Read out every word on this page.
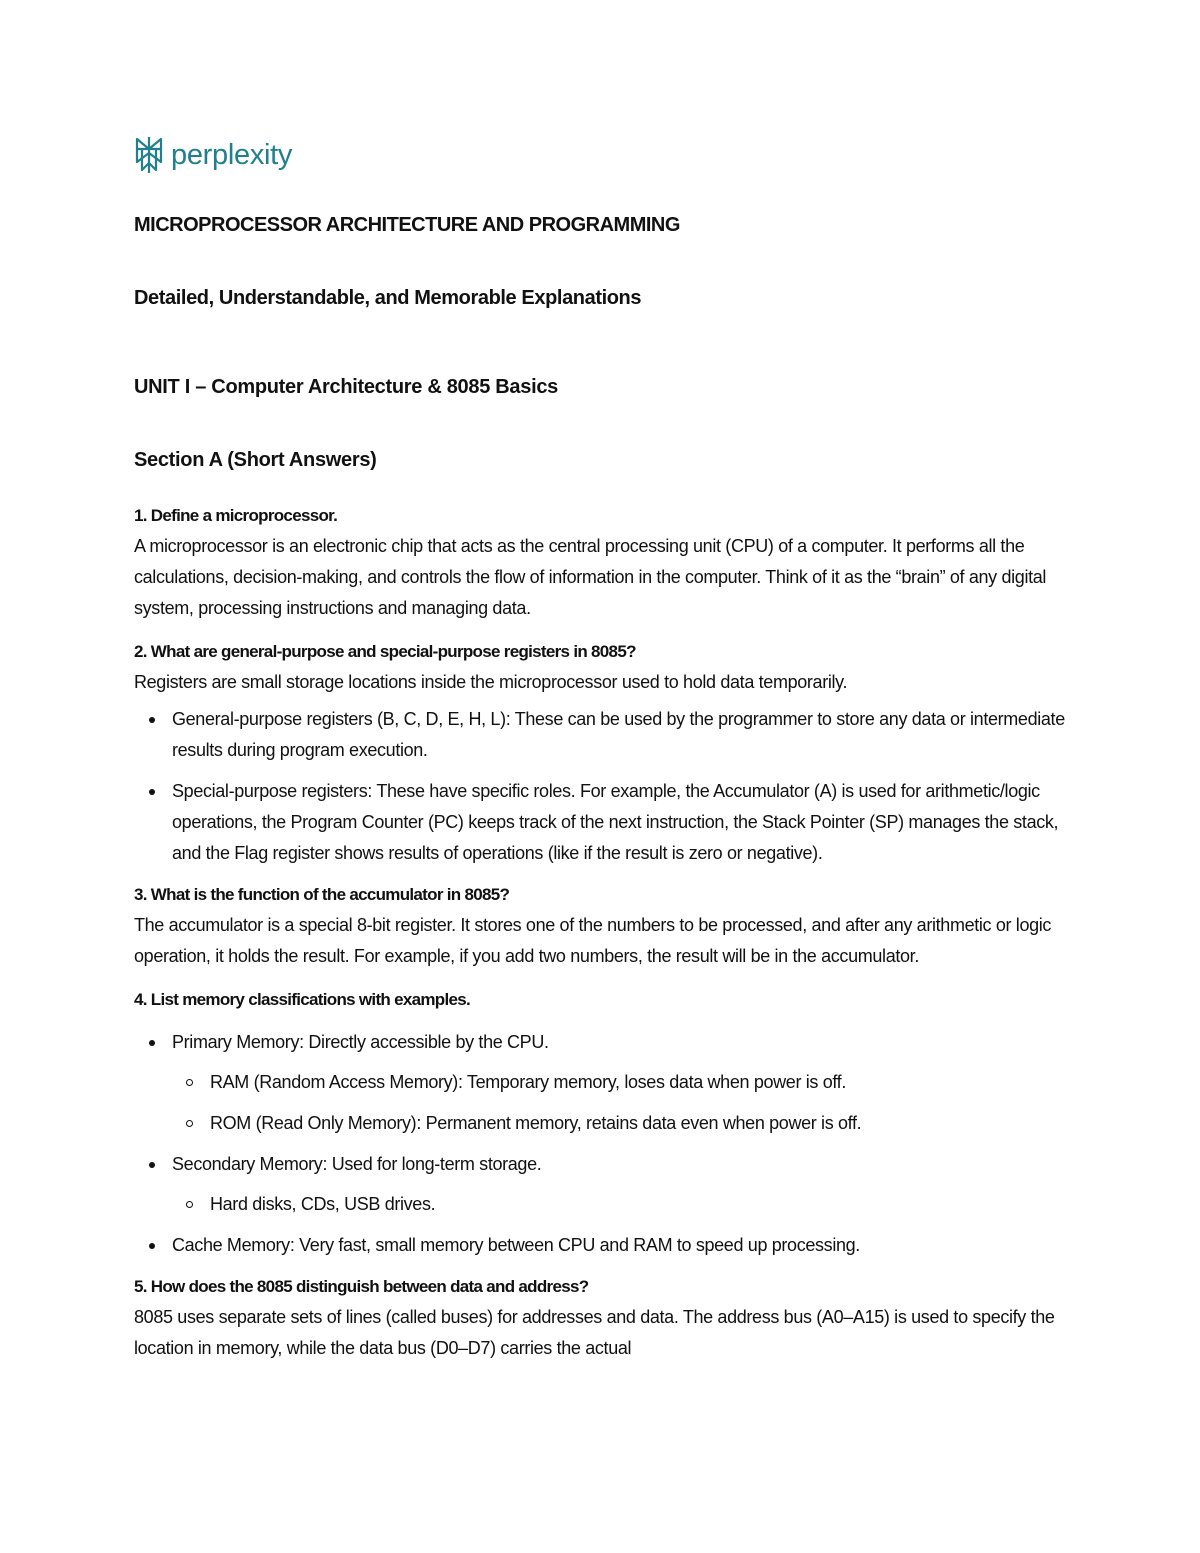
perplexity
MICROPROCESSOR ARCHITECTURE AND PROGRAMMING
Detailed, Understandable, and Memorable Explanations
UNIT I – Computer Architecture & 8085 Basics
Section A (Short Answers)

1. Define a microprocessor.

A microprocessor is an electronic chip that acts as the central processing unit (CPU) of a computer. It performs all the calculations, decision-making, and controls the flow of information in the computer. Think of it as the “brain” of any digital system, processing instructions and managing data.

2. What are general-purpose and special-purpose registers in 8085?

Registers are small storage locations inside the microprocessor used to hold data temporarily.

General-purpose registers (B, C, D, E, H, L): These can be used by the programmer to store any data or intermediate results during program execution.
Special-purpose registers: These have specific roles. For example, the Accumulator (A) is used for arithmetic/logic operations, the Program Counter (PC) keeps track of the next instruction, the Stack Pointer (SP) manages the stack, and the Flag register shows results of operations (like if the result is zero or negative).

3. What is the function of the accumulator in 8085?

The accumulator is a special 8-bit register. It stores one of the numbers to be processed, and after any arithmetic or logic operation, it holds the result. For example, if you add two numbers, the result will be in the accumulator.

4. List memory classifications with examples.

Primary Memory: Directly accessible by the CPU.
RAM (Random Access Memory): Temporary memory, loses data when power is off.
ROM (Read Only Memory): Permanent memory, retains data even when power is off.
Secondary Memory: Used for long-term storage.
Hard disks, CDs, USB drives.
Cache Memory: Very fast, small memory between CPU and RAM to speed up processing.

5. How does the 8085 distinguish between data and address?

8085 uses separate sets of lines (called buses) for addresses and data. The address bus (A0–A15) is used to specify the location in memory, while the data bus (D0–D7) carries the actual
